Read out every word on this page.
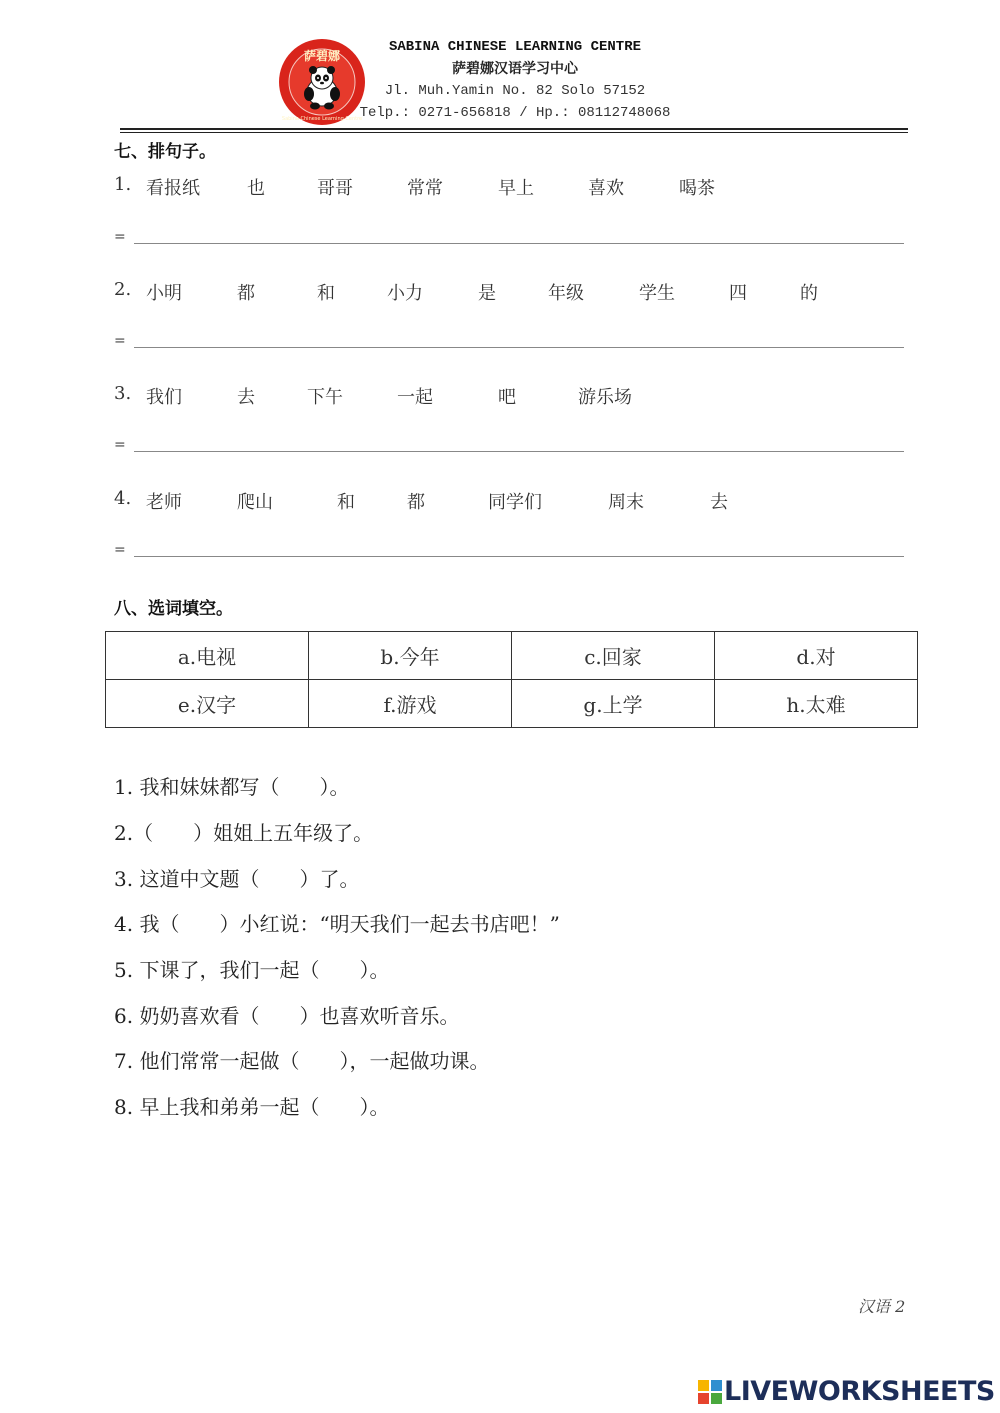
萨碧娜
Sabina Chinese Learning Centre
SABINA CHINESE LEARNING CENTRE
萨碧娜汉语学习中心
Jl. Muh.Yamin No. 82 Solo 57152
Telp.: 0271-656818 / Hp.: 08112748068
七、排句子。
1. 看报纸	也	哥哥	常常	早上	喜欢	喝茶
=
2. 小明	都	和	小力	是	年级	学生	四	的
=
3. 我们	去	下午	一起	吧	游乐场
=
4. 老师	爬山	和	都	同学们	周末	去
=
八、选词填空。
a.电视	b.今年	c.回家	d.对
e.汉字	f.游戏	g.上学	h.太难
1. 我和妹妹都写（　　）。
2.（　　）姐姐上五年级了。
3. 这道中文题（　　）了。
4. 我（　　）小红说：“明天我们一起去书店吧！”
5. 下课了，我们一起（　　）。
6. 奶奶喜欢看（　　）也喜欢听音乐。
7. 他们常常一起做（　　），一起做功课。
8. 早上我和弟弟一起（　　）。
汉语 2
LIVEWORKSHEETS
